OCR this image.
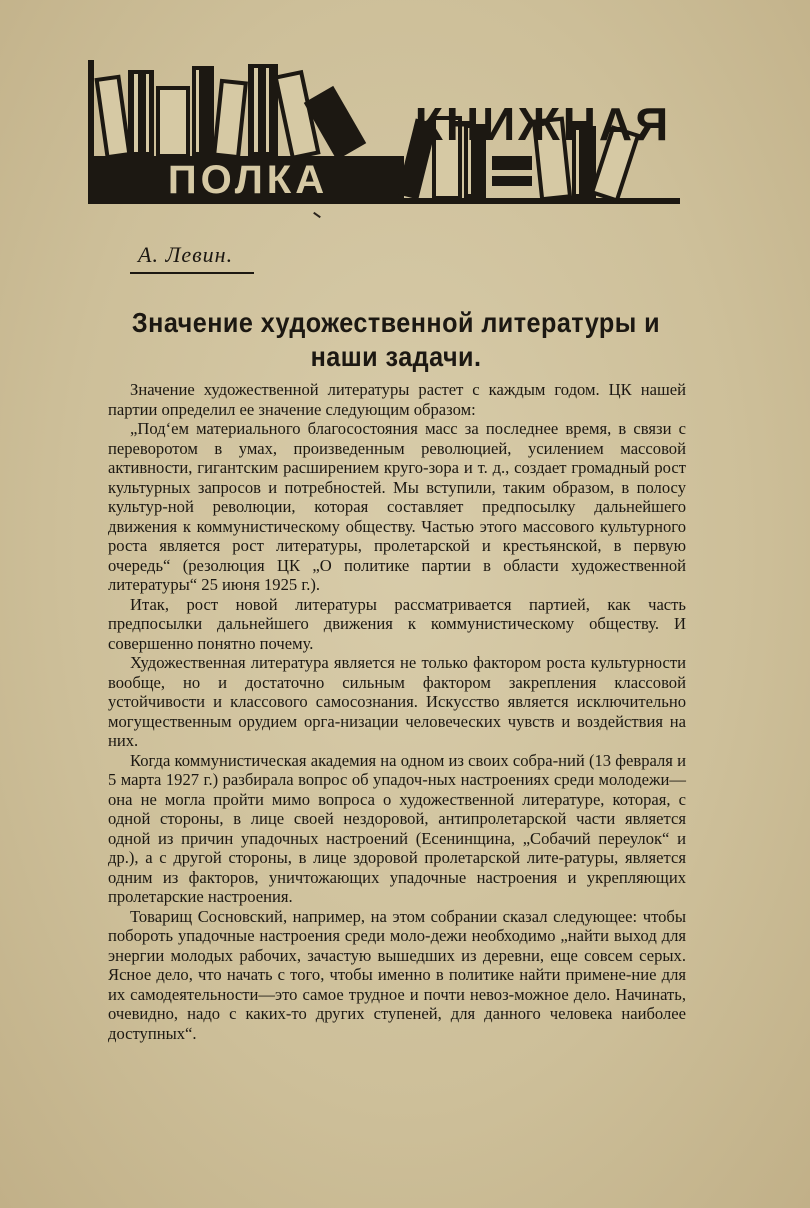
КНИЖНАЯ
ПОЛКА
А. Левин.
Значение художественной литературы и
наши задачи.

Значение художественной литературы растет с каждым годом. ЦК нашей партии определил ее значение следующим образом:

„Под‘ем материального благосостояния масс за последнее время, в связи с переворотом в умах, произведенным революцией, усилением массовой активности, гигантским расширением круго-зора и т. д., создает громадный рост культурных запросов и потребностей. Мы вступили, таким образом, в полосу культур-ной революции, которая составляет предпосылку дальнейшего движения к коммунистическому обществу. Частью этого массового культурного роста является рост литературы, пролетарской и крестьянской, в первую очередь“ (резолюция ЦК „О политике партии в области художественной литературы“ 25 июня 1925 г.).

Итак, рост новой литературы рассматривается партией, как часть предпосылки дальнейшего движения к коммунистическому обществу. И совершенно понятно почему.

Художественная литература является не только фактором роста культурности вообще, но и достаточно сильным фактором закрепления классовой устойчивости и классового самосознания. Искусство является исключительно могущественным орудием орга-низации человеческих чувств и воздействия на них.

Когда коммунистическая академия на одном из своих собра-ний (13 февраля и 5 марта 1927 г.) разбирала вопрос об упадоч-ных настроениях среди молодежи—она не могла пройти мимо вопроса о художественной литературе, которая, с одной стороны, в лице своей нездоровой, антипролетарской части является одной из причин упадочных настроений (Есенинщина, „Собачий переулок“ и др.), а с другой стороны, в лице здоровой пролетарской лите-ратуры, является одним из факторов, уничтожающих упадочные настроения и укрепляющих пролетарские настроения.

Товарищ Сосновский, например, на этом собрании сказал следующее: чтобы побороть упадочные настроения среди моло-дежи необходимо „найти выход для энергии молодых рабочих, зачастую вышедших из деревни, еще совсем серых. Ясное дело, что начать с того, чтобы именно в политике найти примене-ние для их самодеятельности—это самое трудное и почти невоз-можное дело. Начинать, очевидно, надо с каких-то других ступеней, для данного человека наиболее доступных“.
